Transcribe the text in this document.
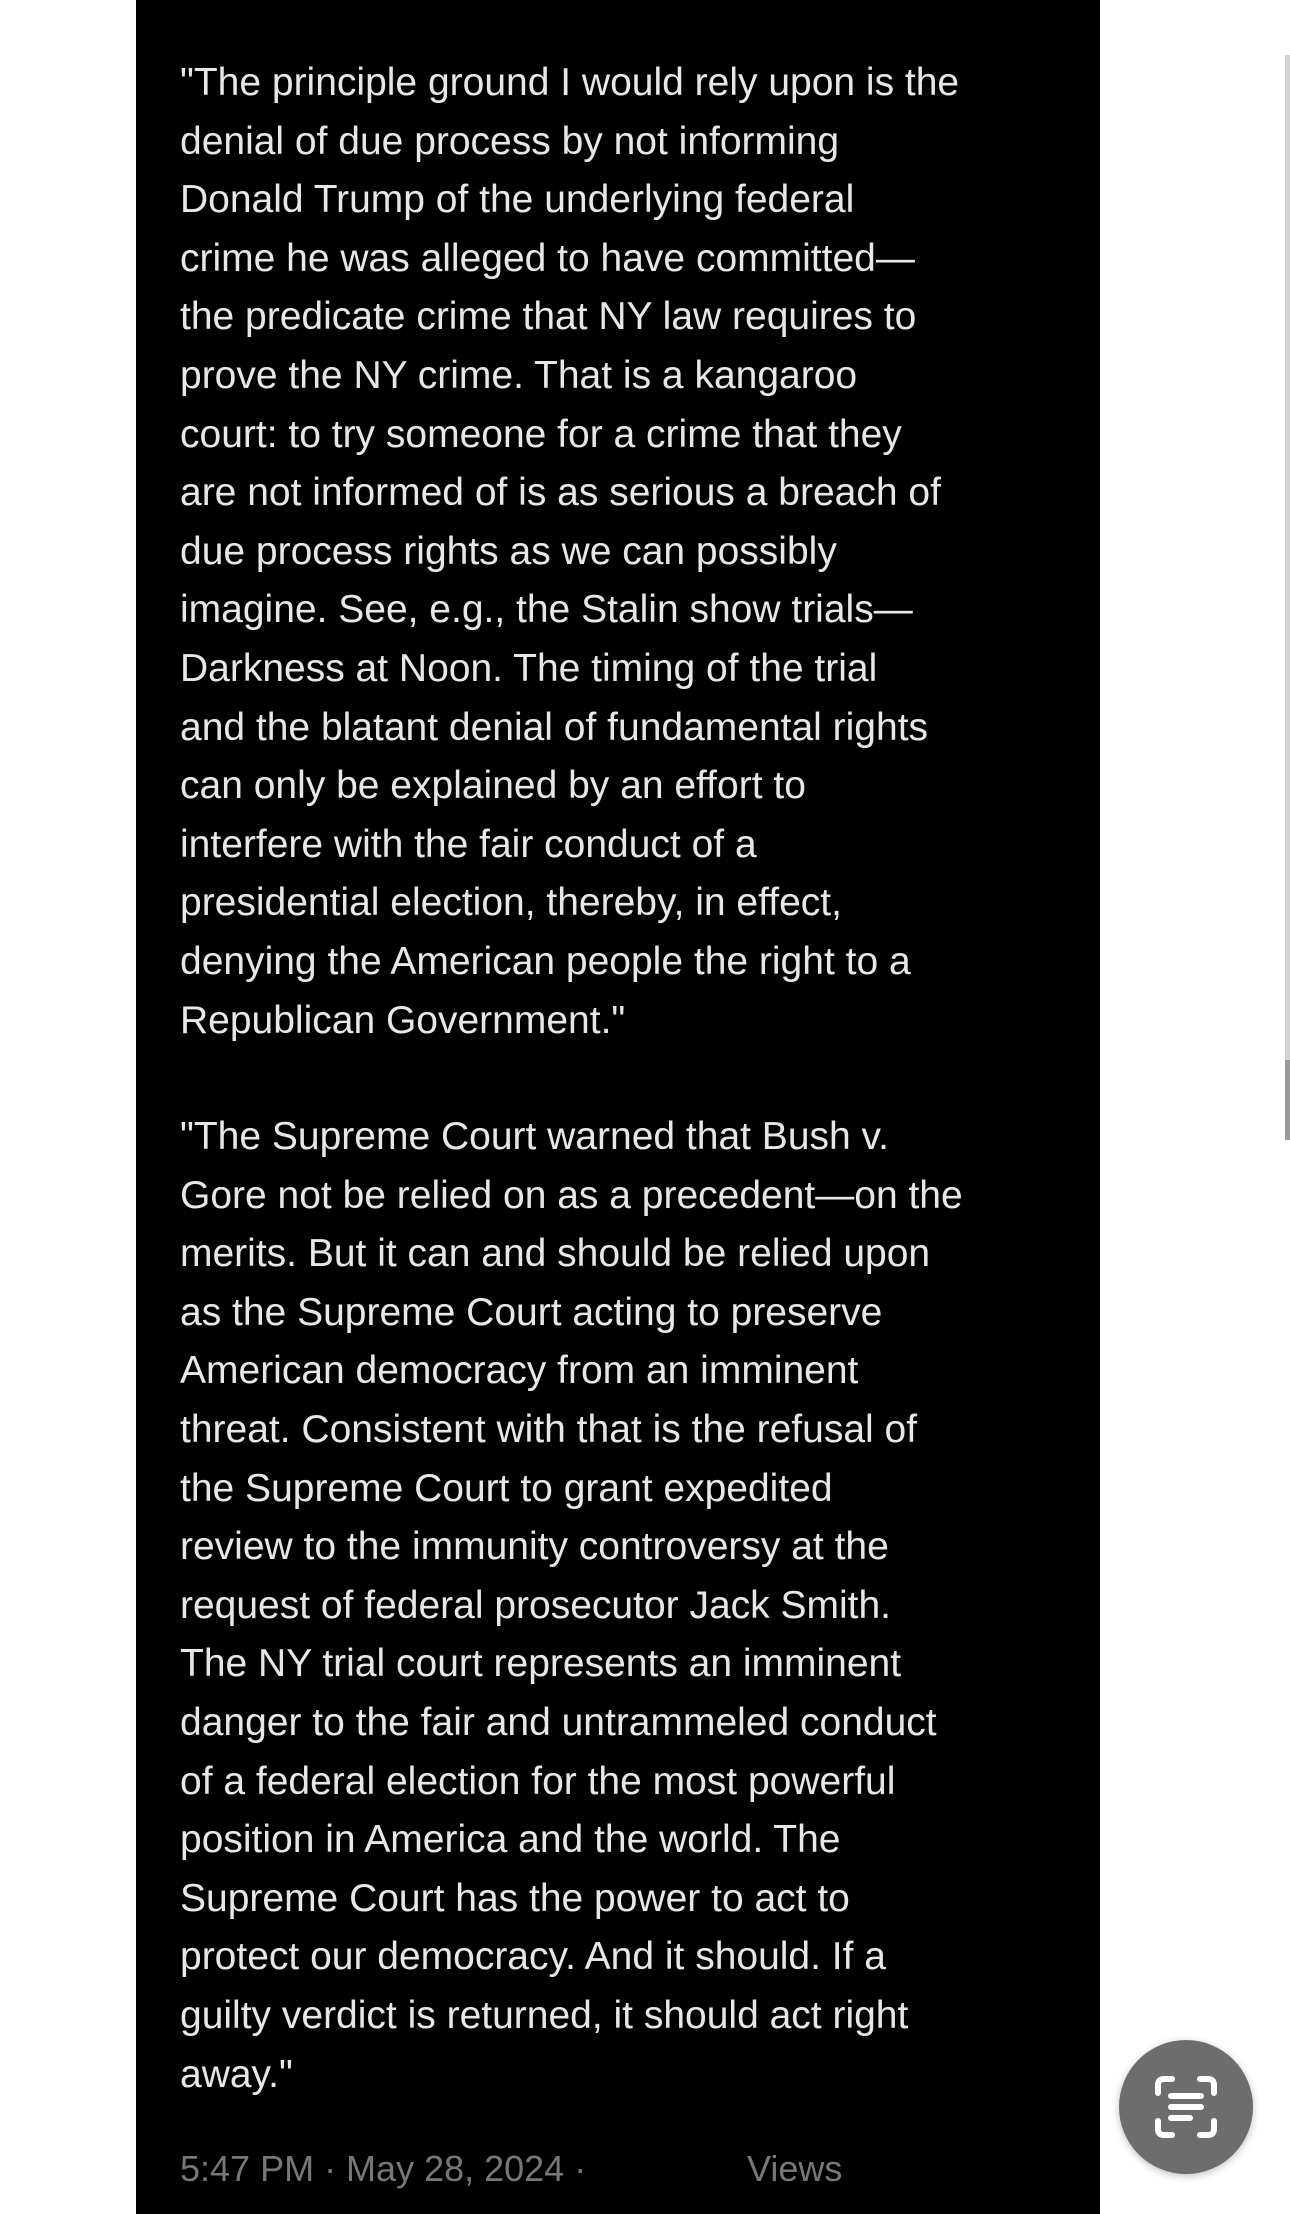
"The principle ground I would rely upon is the
denial of due process by not informing
Donald Trump of the underlying federal
crime he was alleged to have committed—
the predicate crime that NY law requires to
prove the NY crime. That is a kangaroo
court: to try someone for a crime that they
are not informed of is as serious a breach of
due process rights as we can possibly
imagine. See, e.g., the Stalin show trials—
Darkness at Noon. The timing of the trial
and the blatant denial of fundamental rights
can only be explained by an effort to
interfere with the fair conduct of a
presidential election, thereby, in effect,
denying the American people the right to a
Republican Government."

"The Supreme Court warned that Bush v.
Gore not be relied on as a precedent—on the
merits. But it can and should be relied upon
as the Supreme Court acting to preserve
American democracy from an imminent
threat. Consistent with that is the refusal of
the Supreme Court to grant expedited
review to the immunity controversy at the
request of federal prosecutor Jack Smith.
The NY trial court represents an imminent
danger to the fair and untrammeled conduct
of a federal election for the most powerful
position in America and the world. The
Supreme Court has the power to act to
protect our democracy. And it should. If a
guilty verdict is returned, it should act right
away."

5:47 PM · May 28, 2024 ·	Views
